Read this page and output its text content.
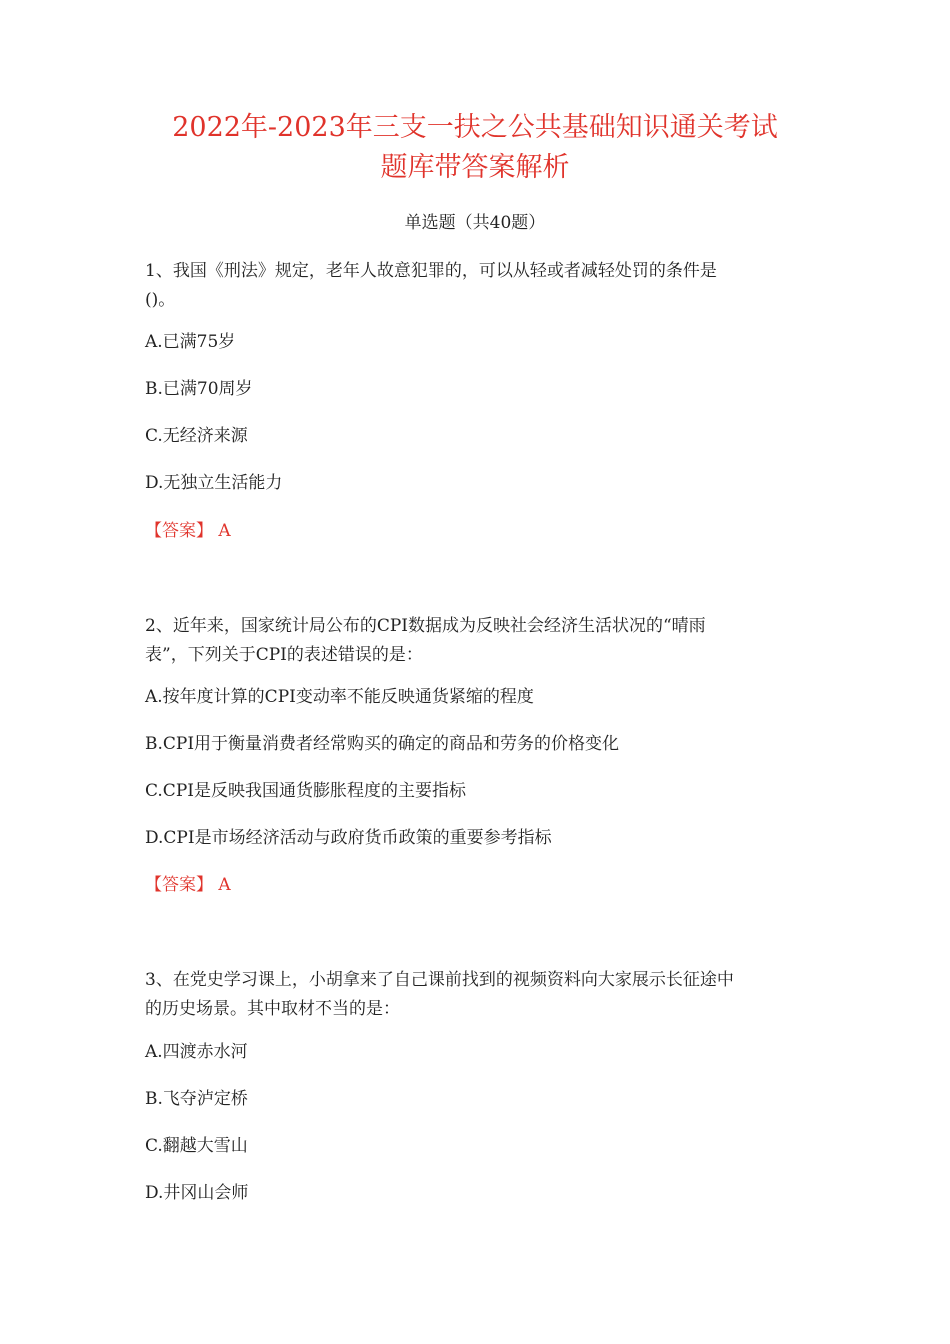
2022年-2023年三支一扶之公共基础知识通关考试
题库带答案解析
单选题（共40题）
1、我国《刑法》规定，老年人故意犯罪的，可以从轻或者减轻处罚的条件是
()。
A.已满75岁
B.已满70周岁
C.无经济来源
D.无独立生活能力
【答案】 A
2、近年来，国家统计局公布的CPI数据成为反映社会经济生活状况的“晴雨
表”，下列关于CPI的表述错误的是：
A.按年度计算的CPI变动率不能反映通货紧缩的程度
B.CPI用于衡量消费者经常购买的确定的商品和劳务的价格变化
C.CPI是反映我国通货膨胀程度的主要指标
D.CPI是市场经济活动与政府货币政策的重要参考指标
【答案】 A
3、在党史学习课上，小胡拿来了自己课前找到的视频资料向大家展示长征途中
的历史场景。其中取材不当的是：
A.四渡赤水河
B.飞夺泸定桥
C.翻越大雪山
D.井冈山会师
